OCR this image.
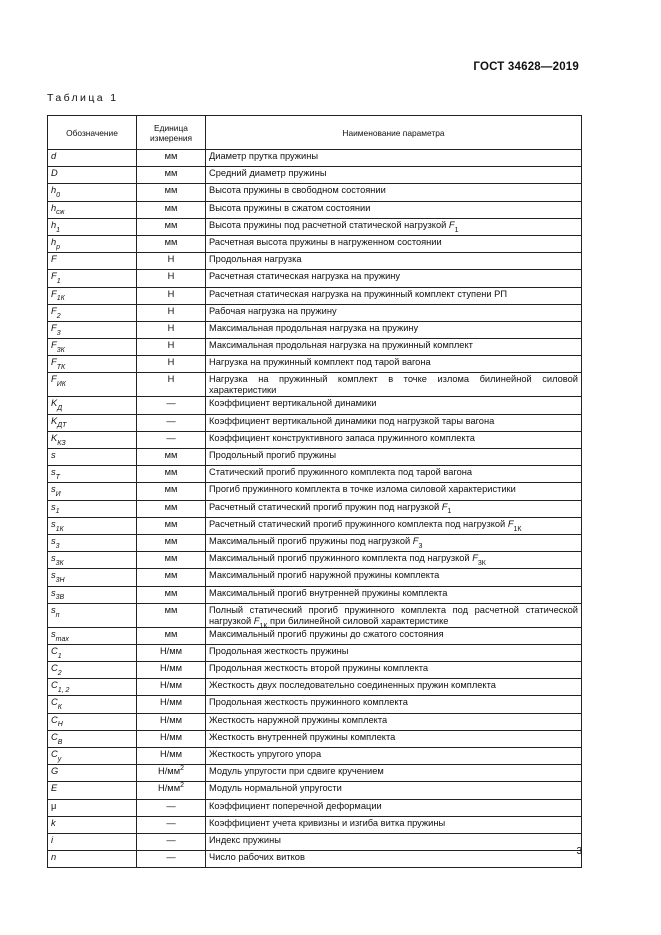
ГОСТ 34628—2019
Таблица 1
Обозначение	Единица измерения	Наименование параметра
d	мм	Диаметр прутка пружины
D	мм	Средний диаметр пружины
$h_0$	мм	Высота пружины в свободном состоянии
$h_{сж}$	мм	Высота пружины в сжатом состоянии
$h_1$	мм	Высота пружины под расчетной статической нагрузкой $F_1$
$h_р$	мм	Расчетная высота пружины в нагруженном состоянии
F	Н	Продольная нагрузка
$F_1$	Н	Расчетная статическая нагрузка на пружину
$F_{1К}$	Н	Расчетная статическая нагрузка на пружинный комплект ступени РП
$F_2$	Н	Рабочая нагрузка на пружину
$F_3$	Н	Максимальная продольная нагрузка на пружину
$F_{3К}$	Н	Максимальная продольная нагрузка на пружинный комплект
$F_{ТК}$	Н	Нагрузка на пружинный комплект под тарой вагона
$F_{ИК}$	Н	Нагрузка на пружинный комплект в точке излома билинейной силовой характеристики
$K_Д$	—	Коэффициент вертикальной динамики
$K_{ДТ}$	—	Коэффициент вертикальной динамики под нагрузкой тары вагона
$K_{КЗ}$	—	Коэффициент конструктивного запаса пружинного комплекта
s	мм	Продольный прогиб пружины
$s_Т$	мм	Статический прогиб пружинного комплекта под тарой вагона
$s_И$	мм	Прогиб пружинного комплекта в точке излома силовой характеристики
$s_1$	мм	Расчетный статический прогиб пружин под нагрузкой $F_1$
$s_{1К}$	мм	Расчетный статический прогиб пружинного комплекта под нагрузкой $F_{1К}$
$s_3$	мм	Максимальный прогиб пружины под нагрузкой $F_3$
$s_{3К}$	мм	Максимальный прогиб пружинного комплекта под нагрузкой $F_{3К}$
$s_{3Н}$	мм	Максимальный прогиб наружной пружины комплекта
$s_{3В}$	мм	Максимальный прогиб внутренней пружины комплекта
$s_п$	мм	Полный статический прогиб пружинного комплекта под расчетной статической нагрузкой $F_{1К}$ при билинейной силовой характеристике
$s_{max}$	мм	Максимальный прогиб пружины до сжатого состояния
$C_1$	Н/мм	Продольная жесткость пружины
$C_2$	Н/мм	Продольная жесткость второй пружины комплекта
$C_{1, 2}$	Н/мм	Жесткость двух последовательно соединенных пружин комплекта
$C_К$	Н/мм	Продольная жесткость пружинного комплекта
$C_Н$	Н/мм	Жесткость наружной пружины комплекта
$C_В$	Н/мм	Жесткость внутренней пружины комплекта
$C_у$	Н/мм	Жесткость упругого упора
G	$Н/мм^2$	Модуль упругости при сдвиге кручением
E	$Н/мм^2$	Модуль нормальной упругости
μ	—	Коэффициент поперечной деформации
k	—	Коэффициент учета кривизны и изгиба витка пружины
i	—	Индекс пружины
n	—	Число рабочих витков
3
